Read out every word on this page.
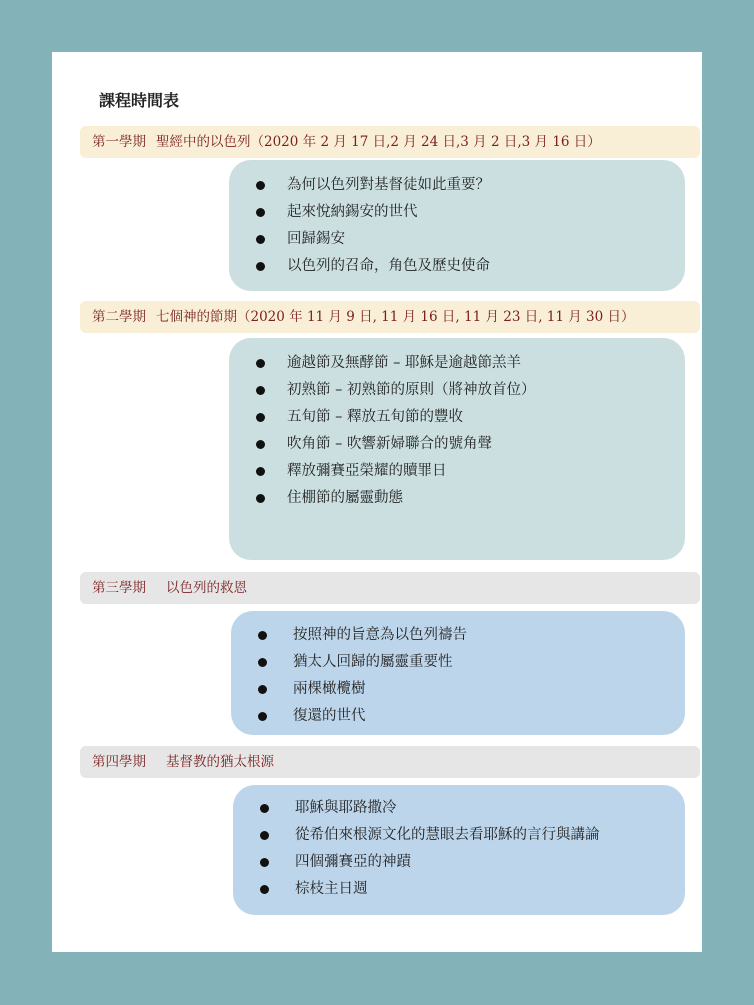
課程時間表
第一學期 聖經中的以色列（2020 年 2 月 17 日,2 月 24 日,3 月 2 日,3 月 16 日）
為何以色列對基督徒如此重要？
起來悅納錫安的世代
回歸錫安
以色列的召命，角色及歷史使命
第二學期 七個神的節期（2020 年 11 月 9 日, 11 月 16 日, 11 月 23 日, 11 月 30 日）
逾越節及無酵節 – 耶穌是逾越節羔羊
初熟節 – 初熟節的原則（將神放首位）
五旬節 – 釋放五旬節的豐收
吹角節 – 吹響新婦聯合的號角聲
釋放彌賽亞榮耀的贖罪日
住棚節的屬靈動態
第三學期 以色列的救恩
按照神的旨意為以色列禱告
猶太人回歸的屬靈重要性
兩棵橄欖樹
復還的世代
第四學期 基督教的猶太根源
耶穌與耶路撒冷
從希伯來根源文化的慧眼去看耶穌的言行與講論
四個彌賽亞的神蹟
棕枝主日週
